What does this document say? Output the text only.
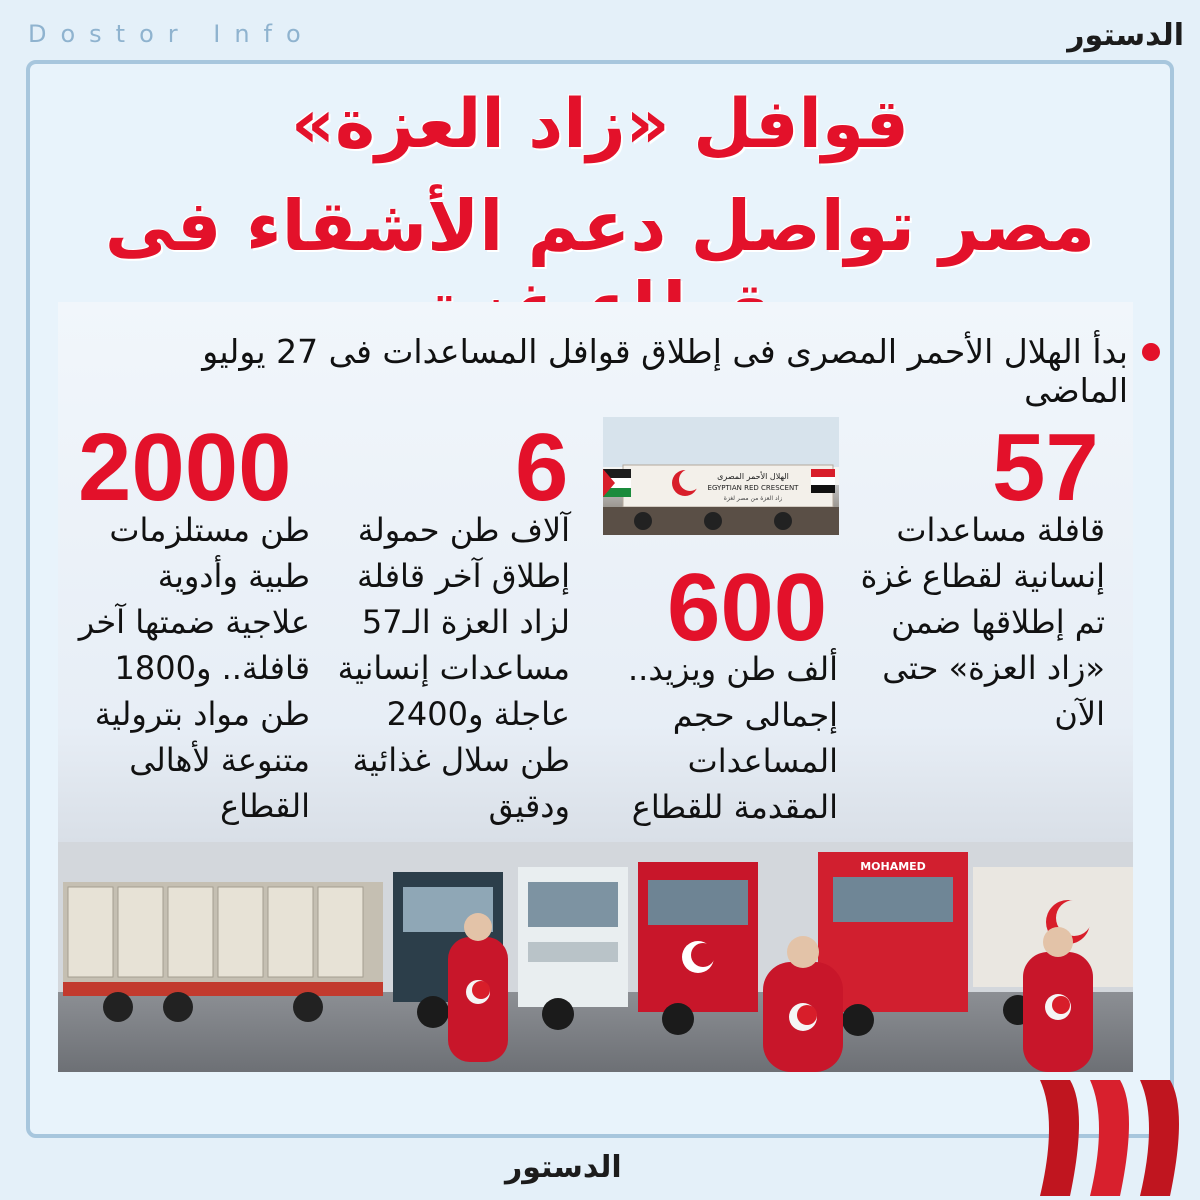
Dostor Info	الدستور
قوافل «زاد العزة»
مصر تواصل دعم الأشقاء فى
بدأ الهلال الأحمر المصرى فى إطلاق قوافل المساعدات فى 27 يوليو الماضى
57
قافلة مساعدات
إنسانية لقطاع غزة
تم إطلاقها ضمن
«زاد العزة» حتى
الآن
الهلال الأحمر المصرى
EGYPTIAN RED CRESCENT
زاد العزة من مصر لغزة
600
ألف طن ويزيد..
إجمالى حجم
المساعدات
المقدمة للقطاع
6
آلاف طن حمولة
إطلاق آخر قافلة
لزاد العزة الـ57
مساعدات إنسانية
عاجلة و2400
طن سلال غذائية
ودقيق
2000
طن مستلزمات
طبية وأدوية
علاجية ضمتها آخر
قافلة.. و1800
طن مواد بترولية
متنوعة لأهالى
القطاع
MOHAMED
الدستور
